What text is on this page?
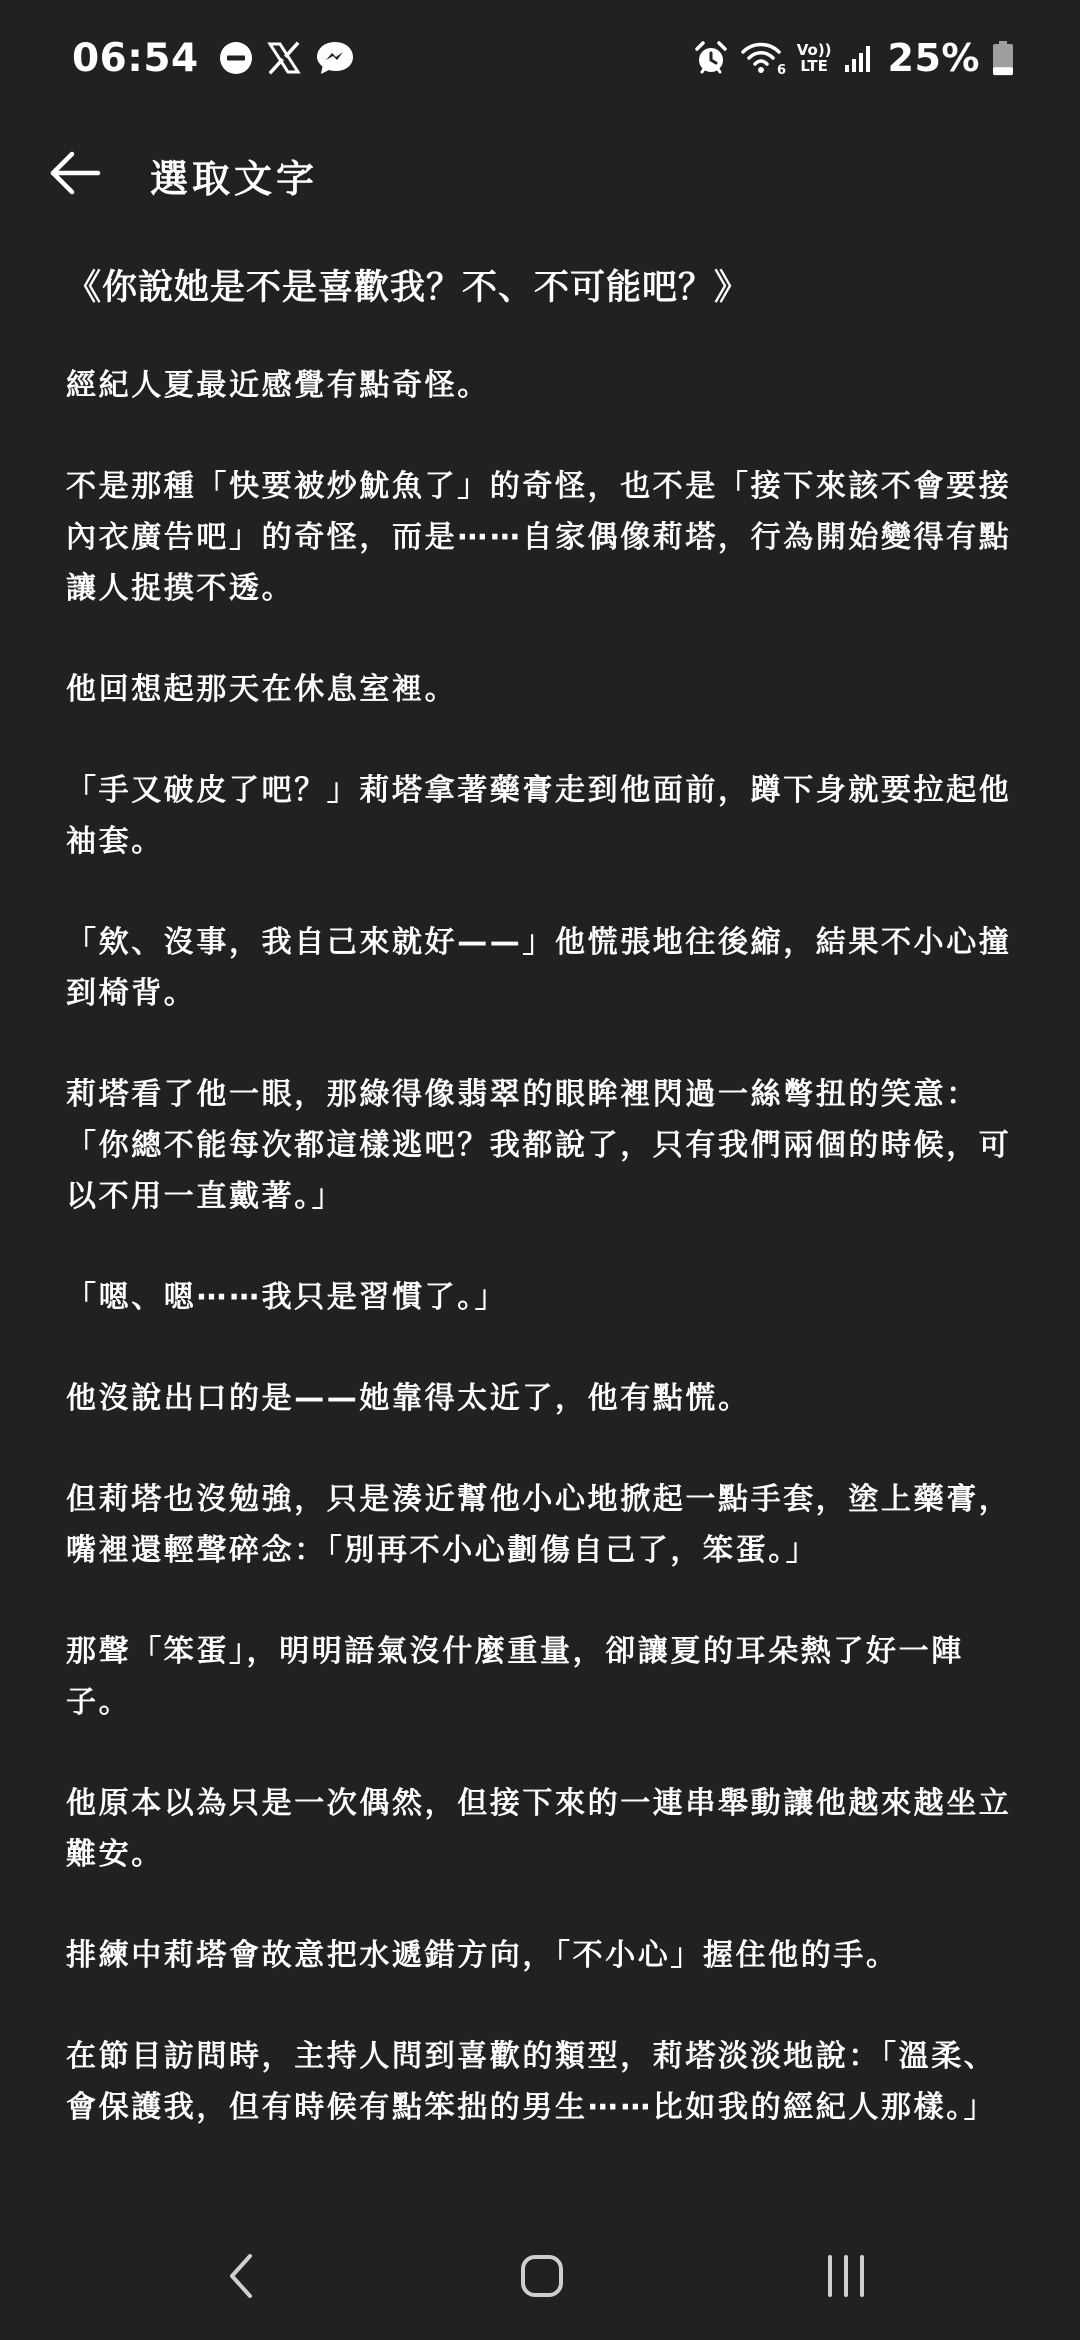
06:54	6
Vo))
LTE 25%
選取文字
《你說她是不是喜歡我？不、不可能吧？》
經紀人夏最近感覺有點奇怪。
不是那種「快要被炒魷魚了」的奇怪，也不是「接下來該不會要接內衣廣告吧」的奇怪，而是⋯⋯自家偶像莉塔，行為開始變得有點讓人捉摸不透。
他回想起那天在休息室裡。
「手又破皮了吧？」莉塔拿著藥膏走到他面前，蹲下身就要拉起他袖套。
「欸、沒事，我自己來就好——」他慌張地往後縮，結果不小心撞到椅背。
莉塔看了他一眼，那綠得像翡翠的眼眸裡閃過一絲彆扭的笑意：「你總不能每次都這樣逃吧？我都說了，只有我們兩個的時候，可以不用一直戴著。」
「嗯、嗯⋯⋯我只是習慣了。」
他沒說出口的是——她靠得太近了，他有點慌。
但莉塔也沒勉強，只是湊近幫他小心地掀起一點手套，塗上藥膏，嘴裡還輕聲碎念：「別再不小心劃傷自己了，笨蛋。」
那聲「笨蛋」，明明語氣沒什麼重量，卻讓夏的耳朵熱了好一陣子。
他原本以為只是一次偶然，但接下來的一連串舉動讓他越來越坐立難安。
排練中莉塔會故意把水遞錯方向，「不小心」握住他的手。
在節目訪問時，主持人問到喜歡的類型，莉塔淡淡地說：「溫柔、會保護我，但有時候有點笨拙的男生⋯⋯比如我的經紀人那樣。」
